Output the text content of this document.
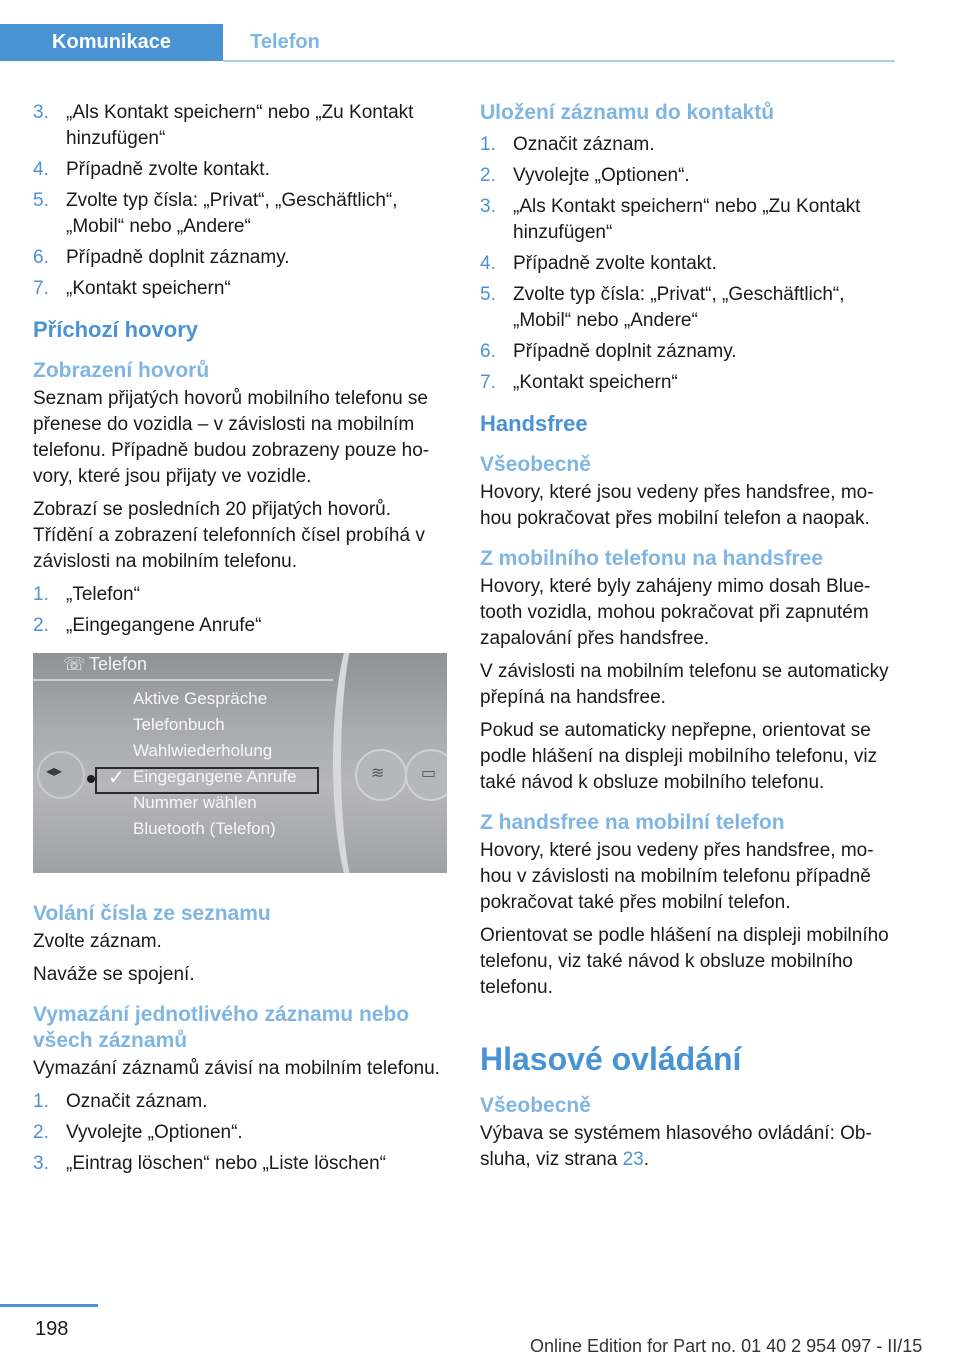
Komunikace	Telefon
3. „Als Kontakt speichern“ nebo „Zu Kontakt hinzufügen“
4. Případně zvolte kontakt.
5. Zvolte typ čísla: „Privat“, „Geschäftlich“, „Mobil“ nebo „Andere“
6. Případně doplnit záznamy.
7. „Kontakt speichern“
Příchozí hovory
Zobrazení hovorů

Seznam přijatých hovorů mobilního telefonu se přenese do vozidla – v závislosti na mobilním telefonu. Případně budou zobrazeny pouze hovory, které jsou přijaty ve vozidle.

Zobrazí se posledních 20 přijatých hovorů. Třídění a zobrazení telefonních čísel probíhá v závislosti na mobilním telefonu.

1. „Telefon“
2. „Eingegangene Anrufe“
☏ Telefon
◂▸ ✓
Aktive Gespräche
Telefonbuch
Wahlwiederholung
Eingegangene Anrufe
Nummer wählen
Bluetooth (Telefon)
≋ ▭
Volání čísla ze seznamu

Zvolte záznam.

Naváže se spojení.

Vymazání jednotlivého záznamu nebo všech záznamů

Vymazání záznamů závisí na mobilním telefonu.

1. Označit záznam.
2. Vyvolejte „Optionen“.
3. „Eintrag löschen“ nebo „Liste löschen“
Uložení záznamu do kontaktů
1. Označit záznam.
2. Vyvolejte „Optionen“.
3. „Als Kontakt speichern“ nebo „Zu Kontakt hinzufügen“
4. Případně zvolte kontakt.
5. Zvolte typ čísla: „Privat“, „Geschäftlich“, „Mobil“ nebo „Andere“
6. Případně doplnit záznamy.
7. „Kontakt speichern“
Handsfree
Všeobecně

Hovory, které jsou vedeny přes handsfree, mohou pokračovat přes mobilní telefon a naopak.

Z mobilního telefonu na handsfree

Hovory, které byly zahájeny mimo dosah Bluetooth vozidla, mohou pokračovat při zapnutém zapalování přes handsfree.

V závislosti na mobilním telefonu se automaticky přepíná na handsfree.

Pokud se automaticky nepřepne, orientovat se podle hlášení na displeji mobilního telefonu, viz také návod k obsluze mobilního telefonu.

Z handsfree na mobilní telefon

Hovory, které jsou vedeny přes handsfree, mohou v závislosti na mobilním telefonu případně pokračovat také přes mobilní telefon.

Orientovat se podle hlášení na displeji mobilního telefonu, viz také návod k obsluze mobilního telefonu.

Hlasové ovládání
Všeobecně

Výbava se systémem hlasového ovládání: Obsluha, viz strana 23.

198
Online Edition for Part no. 01 40 2 954 097 - II/15
